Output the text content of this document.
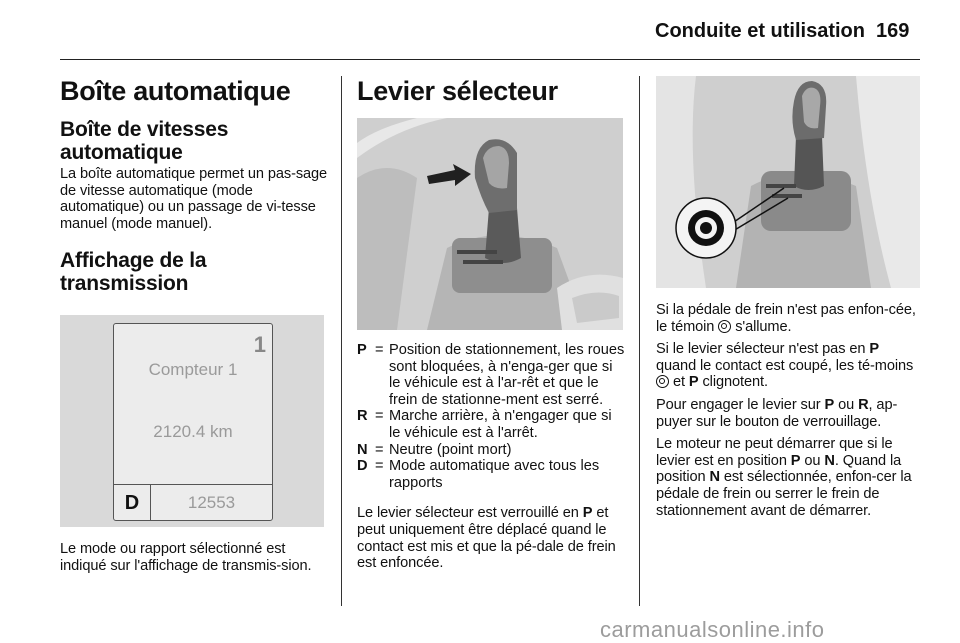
Conduite et utilisation 169
Boîte automatique
Boîte de vitesses automatique

La boîte automatique permet un pas-sage de vitesse automatique (mode automatique) ou un passage de vi-tesse manuel (mode manuel).

Affichage de la transmission
1
Compteur 1
2120.4 km
D	12553

Le mode ou rapport sélectionné est indiqué sur l'affichage de transmis-sion.

Levier sélecteur
P = Position de stationnement, les roues sont bloquées, à n'enga-ger que si le véhicule est à l'ar-rêt et que le frein de stationne-ment est serré.
R = Marche arrière, à n'engager que si le véhicule est à l'arrêt.
N = Neutre (point mort)
D = Mode automatique avec tous les rapports

Le levier sélecteur est verrouillé en P et peut uniquement être déplacé quand le contact est mis et que la pé-dale de frein est enfoncée.

Si la pédale de frein n'est pas enfon-cée, le témoin  s'allume.

Si le levier sélecteur n'est pas en P quand le contact est coupé, les té-moins  et P clignotent.

Pour engager le levier sur P ou R, ap-puyer sur le bouton de verrouillage.

Le moteur ne peut démarrer que si le levier est en position P ou N. Quand la position N est sélectionnée, enfon-cer la pédale de frein ou serrer le frein de stationnement avant de démarrer.

carmanualsonline.info
